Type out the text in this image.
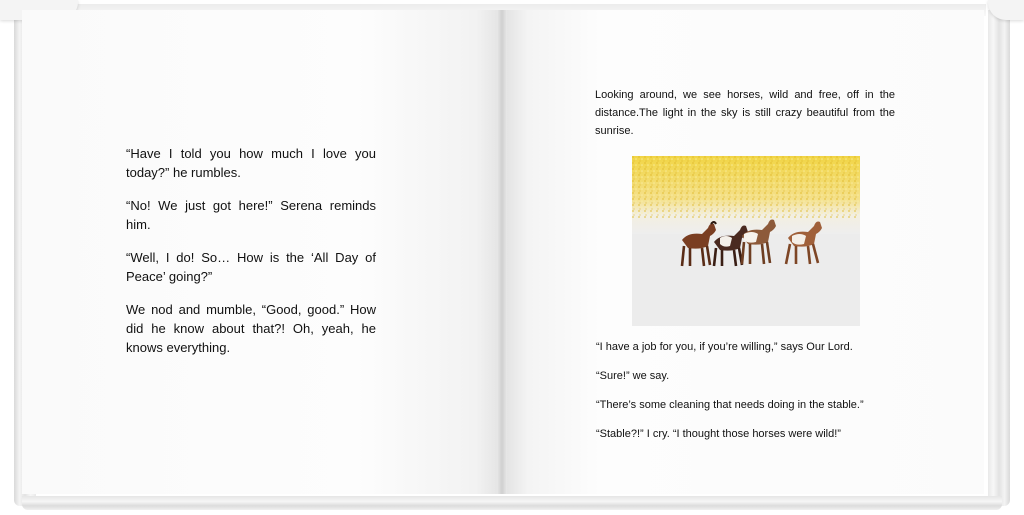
“Have I told you how much I love you today?” he rumbles.

“No! We just got here!” Serena reminds him.

“Well, I do! So… How is the ‘All Day of Peace’ going?”

We nod and mumble, “Good, good.” How did he know about that?! Oh, yeah, he knows everything.

Looking around, we see horses, wild and free, off in the distance.The light in the sky is still crazy beautiful from the sunrise.

“I have a job for you, if you’re willing,” says Our Lord.

“Sure!” we say.

“There’s some cleaning that needs doing in the stable.”

“Stable?!” I cry. “I thought those horses were wild!”
